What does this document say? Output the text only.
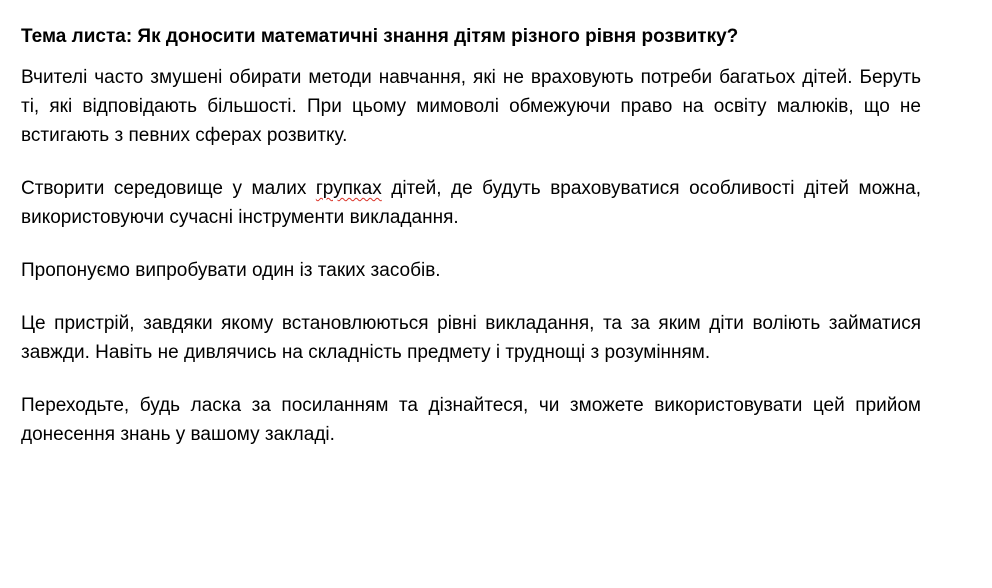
Тема листа: Як доносити математичні знання дітям різного рівня розвитку?

Вчителі часто змушені обирати методи навчання, які не враховують потреби багатьох дітей. Беруть ті, які відповідають більшості. При цьому мимоволі обмежуючи право на освіту малюків, що не встигають з певних сферах розвитку.

Створити середовище у малих групках дітей, де будуть враховуватися особливості дітей можна, використовуючи сучасні інструменти викладання.

Пропонуємо випробувати один із таких засобів.

Це пристрій, завдяки якому встановлюються рівні викладання, та за яким діти воліють займатися завжди. Навіть не дивлячись на складність предмету і труднощі з розумінням.

Переходьте, будь ласка за посиланням та дізнайтеся, чи зможете використовувати цей прийом донесення знань у вашому закладі.
